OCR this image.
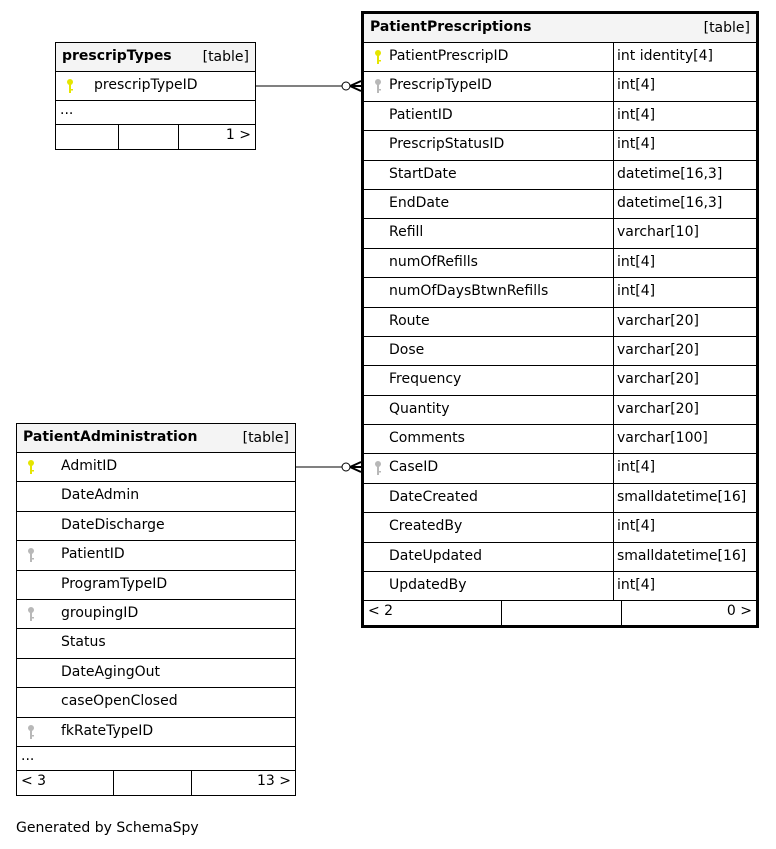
prescripTypes [table]
prescripTypeID
...
1 >
PatientPrescriptions	[table]
PatientPrescripID	int identity[4]
PrescripTypeID	int[4]
PatientID	int[4]
PrescripStatusID	int[4]
StartDate	datetime[16,3]
EndDate	datetime[16,3]
Refill	varchar[10]
numOfRefills	int[4]
numOfDaysBtwnRefills	int[4]
Route	varchar[20]
Dose	varchar[20]
Frequency	varchar[20]
Quantity	varchar[20]
Comments	varchar[100]
CaseID	int[4]
DateCreated	smalldatetime[16]
CreatedBy	int[4]
DateUpdated	smalldatetime[16]
UpdatedBy	int[4]
< 2	0 >
PatientAdministration	[table]
AdmitID
DateAdmin
DateDischarge
PatientID
ProgramTypeID
groupingID
Status
DateAgingOut
caseOpenClosed
fkRateTypeID
...
< 3	13 >
Generated by SchemaSpy
